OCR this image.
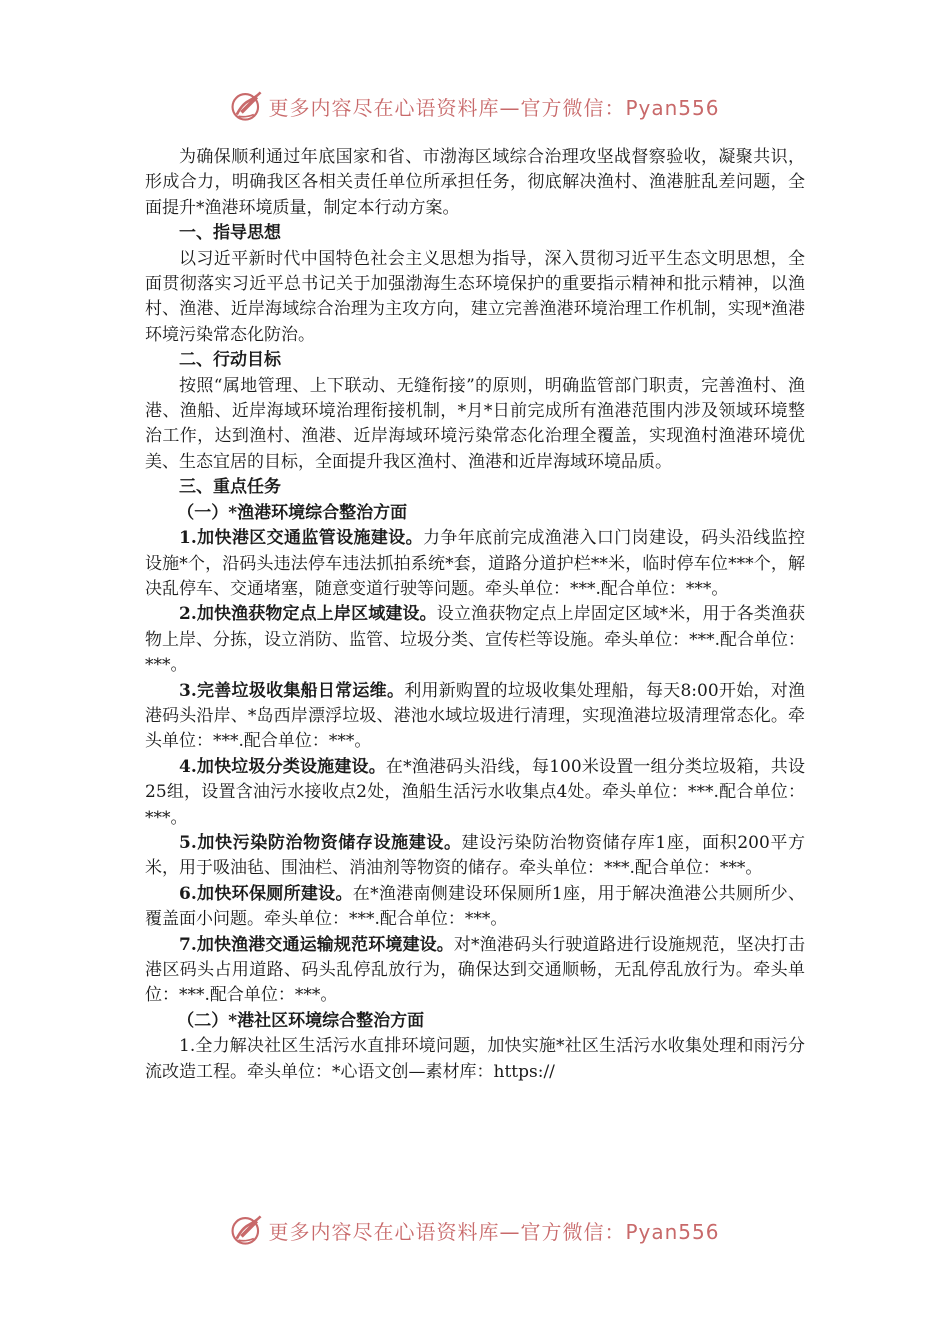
更多内容尽在心语资料库—官方微信：Pyan556

为确保顺利通过年底国家和省、市渤海区域综合治理攻坚战督察验收，凝聚共识，形成合力，明确我区各相关责任单位所承担任务，彻底解决渔村、渔港脏乱差问题，全面提升*渔港环境质量，制定本行动方案。

一、指导思想

以习近平新时代中国特色社会主义思想为指导，深入贯彻习近平生态文明思想，全面贯彻落实习近平总书记关于加强渤海生态环境保护的重要指示精神和批示精神，以渔村、渔港、近岸海域综合治理为主攻方向，建立完善渔港环境治理工作机制，实现*渔港环境污染常态化防治。

二、行动目标

按照“属地管理、上下联动、无缝衔接”的原则，明确监管部门职责，完善渔村、渔港、渔船、近岸海域环境治理衔接机制，*月*日前完成所有渔港范围内涉及领域环境整治工作，达到渔村、渔港、近岸海域环境污染常态化治理全覆盖，实现渔村渔港环境优美、生态宜居的目标，全面提升我区渔村、渔港和近岸海域环境品质。

三、重点任务

（一）*渔港环境综合整治方面

1.加快港区交通监管设施建设。力争年底前完成渔港入口门岗建设，码头沿线监控设施*个，沿码头违法停车违法抓拍系统*套，道路分道护栏**米，临时停车位***个，解决乱停车、交通堵塞，随意变道行驶等问题。牵头单位：***.配合单位：***。

2.加快渔获物定点上岸区域建设。设立渔获物定点上岸固定区域*米，用于各类渔获物上岸、分拣，设立消防、监管、垃圾分类、宣传栏等设施。牵头单位：***.配合单位：***。

3.完善垃圾收集船日常运维。利用新购置的垃圾收集处理船，每天8:00开始，对渔港码头沿岸、*岛西岸漂浮垃圾、港池水域垃圾进行清理，实现渔港垃圾清理常态化。牵头单位：***.配合单位：***。

4.加快垃圾分类设施建设。在*渔港码头沿线，每100米设置一组分类垃圾箱，共设25组，设置含油污水接收点2处，渔船生活污水收集点4处。牵头单位：***.配合单位：***。

5.加快污染防治物资储存设施建设。建设污染防治物资储存库1座，面积200平方米，用于吸油毡、围油栏、消油剂等物资的储存。牵头单位：***.配合单位：***。

6.加快环保厕所建设。在*渔港南侧建设环保厕所1座，用于解决渔港公共厕所少、覆盖面小问题。牵头单位：***.配合单位：***。

7.加快渔港交通运输规范环境建设。对*渔港码头行驶道路进行设施规范，坚决打击港区码头占用道路、码头乱停乱放行为，确保达到交通顺畅，无乱停乱放行为。牵头单位：***.配合单位：***。

（二）*港社区环境综合整治方面

1.全力解决社区生活污水直排环境问题，加快实施*社区生活污水收集处理和雨污分流改造工程。牵头单位：*心语文创—素材库：https://

更多内容尽在心语资料库—官方微信：Pyan556
